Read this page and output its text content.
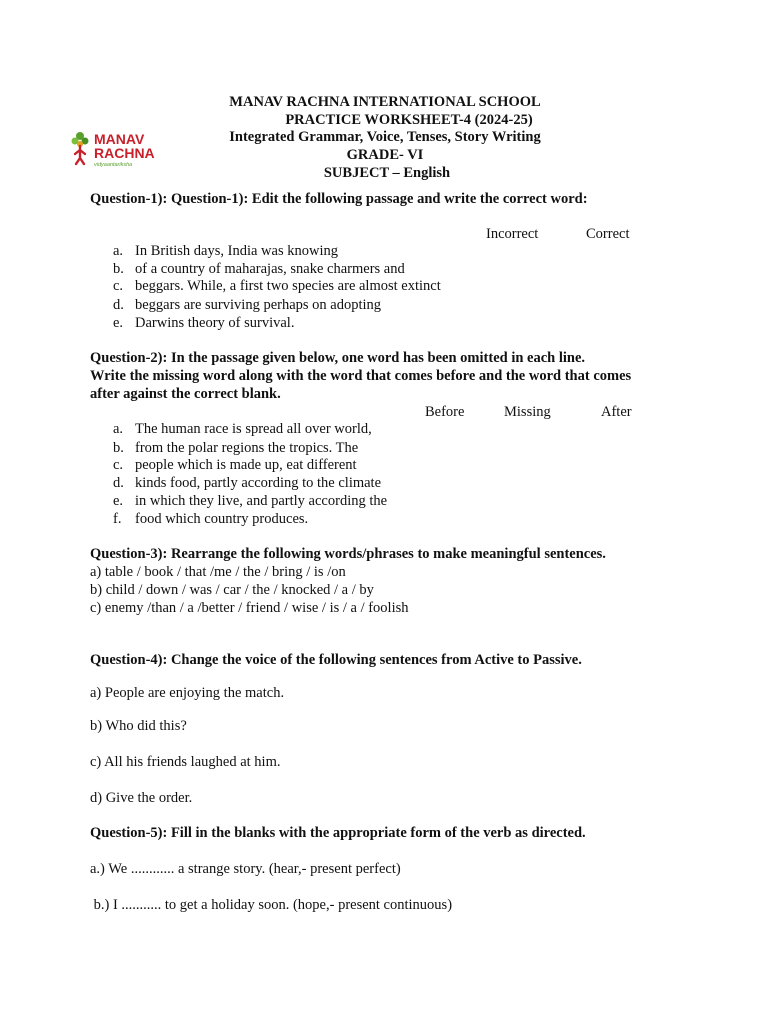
MANAV RACHNA INTERNATIONAL SCHOOL
PRACTICE WORKSHEET-4 (2024-25)
Integrated Grammar, Voice, Tenses, Story Writing
GRADE- VI
SUBJECT – English
MANAV
RACHNA
vidyaantariksha
Question-1): Question-1): Edit the following passage and write the correct word:
Incorrect	Correct
a. In British days, India was knowing
b. of a country of maharajas, snake charmers and
c. beggars. While, a first two species are almost extinct
d. beggars are surviving perhaps on adopting
e. Darwins theory of survival.
Question-2): In the passage given below, one word has been omitted in each line.
Write the missing word along with the word that comes before and the word that comes
after against the correct blank.
Before	Missing	After
a. The human race is spread all over world,
b. from the polar regions the tropics. The
c. people which is made up, eat different
d. kinds food, partly according to the climate
e. in which they live, and partly according the
f. food which country produces.
Question-3): Rearrange the following words/phrases to make meaningful sentences.
a) table / book / that /me / the / bring / is /on
b) child / down / was / car / the / knocked / a / by
c) enemy /than / a /better / friend / wise / is / a / foolish
Question-4): Change the voice of the following sentences from Active to Passive.
a) People are enjoying the match.
b) Who did this?
c) All his friends laughed at him.
d) Give the order.
Question-5): Fill in the blanks with the appropriate form of the verb as directed.
a.) We ............ a strange story. (hear,- present perfect)
b.) I ........... to get a holiday soon. (hope,- present continuous)
